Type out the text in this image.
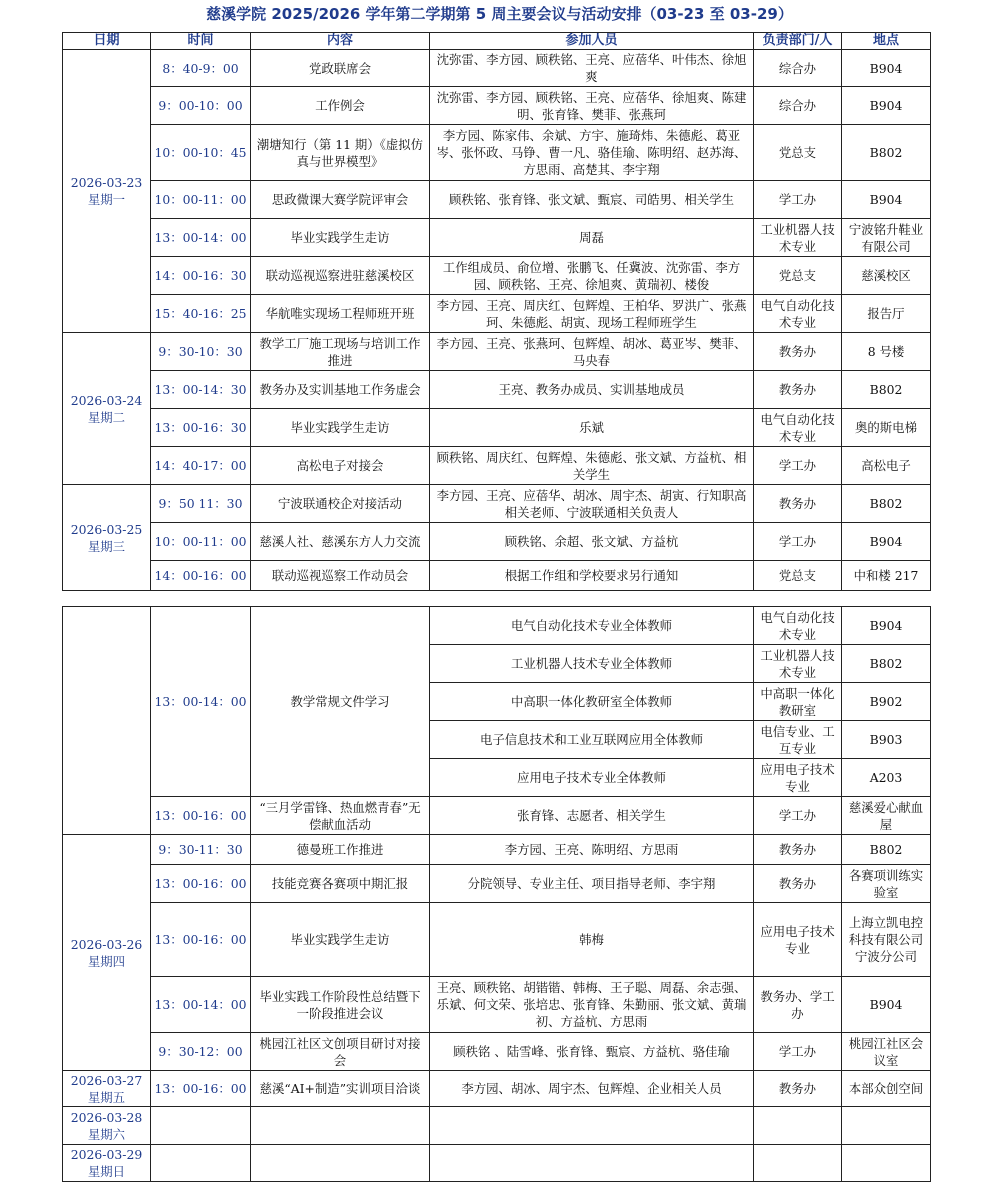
慈溪学院 2025/2026 学年第二学期第 5 周主要会议与活动安排（03-23 至 03-29）
日期	时间	内容	参加人员	负责部门/人	地点
2026-03-23
星期一	8：40-9：00	党政联席会	沈弥雷、李方园、顾秩铭、王亮、应蓓华、叶伟杰、徐旭爽	综合办	B904
	9：00-10：00	工作例会	沈弥雷、李方园、顾秩铭、王亮、应蓓华、徐旭爽、陈建明、张育锋、樊菲、张燕珂	综合办	B904
	10：00-10：45	潮塘知行（第 11 期）《虚拟仿真与世界模型》	李方园、陈家伟、余斌、方宇、施琦炜、朱德彪、葛亚岑、张怀政、马铮、曹一凡、骆佳瑜、陈明绍、赵苏海、方思雨、高楚其、李宇翔	党总支	B802
	10：00-11：00	思政微课大赛学院评审会	顾秩铭、张育锋、张文斌、甄宸、司皓男、相关学生	学工办	B904
	13：00-14：00	毕业实践学生走访	周磊	工业机器人技术专业	宁波铭升鞋业有限公司
	14：00-16：30	联动巡视巡察进驻慈溪校区	工作组成员、俞位增、张鹏飞、任冀波、沈弥雷、李方园、顾秩铭、王亮、徐旭爽、黄瑞初、楼俊	党总支	慈溪校区
	15：40-16：25	华航唯实现场工程师班开班	李方园、王亮、周庆红、包辉煌、王柏华、罗洪广、张燕珂、朱德彪、胡寅、现场工程师班学生	电气自动化技术专业	报告厅
2026-03-24
星期二	9：30-10：30	教学工厂施工现场与培训工作推进	李方园、王亮、张燕珂、包辉煌、胡冰、葛亚岑、樊菲、马央春	教务办	8 号楼
	13：00-14：30	教务办及实训基地工作务虚会	王亮、教务办成员、实训基地成员	教务办	B802
	13：00-16：30	毕业实践学生走访	乐斌	电气自动化技术专业	奥的斯电梯
	14：40-17：00	高松电子对接会	顾秩铭、周庆红、包辉煌、朱德彪、张文斌、方益杭、相关学生	学工办	高松电子
2026-03-25
星期三	9：50 11：30	宁波联通校企对接活动	李方园、王亮、应蓓华、胡冰、周宇杰、胡寅、行知职高相关老师、宁波联通相关负责人	教务办	B802
	10：00-11：00	慈溪人社、慈溪东方人力交流	顾秩铭、余超、张文斌、方益杭	学工办	B904
	14：00-16：00	联动巡视巡察工作动员会	根据工作组和学校要求另行通知	党总支	中和楼 217
	13：00-14：00	教学常规文件学习	电气自动化技术专业全体教师	电气自动化技术专业	B904
			工业机器人技术专业全体教师	工业机器人技术专业	B802
			中高职一体化教研室全体教师	中高职一体化教研室	B902
			电子信息技术和工业互联网应用全体教师	电信专业、工互专业	B903
			应用电子技术专业全体教师	应用电子技术专业	A203
	13：00-16：00	“三月学雷锋、热血燃青春”无偿献血活动	张育锋、志愿者、相关学生	学工办	慈溪爱心献血屋
2026-03-26
星期四	9：30-11：30	德曼班工作推进	李方园、王亮、陈明绍、方思雨	教务办	B802
	13：00-16：00	技能竞赛各赛项中期汇报	分院领导、专业主任、项目指导老师、李宇翔	教务办	各赛项训练实验室
	13：00-16：00	毕业实践学生走访	韩梅	应用电子技术专业	上海立凯电控科技有限公司宁波分公司
	13：00-14：00	毕业实践工作阶段性总结暨下一阶段推进会议	王亮、顾秩铭、胡锴锴、韩梅、王子聪、周磊、余志强、乐斌、何文荣、张培忠、张育锋、朱勤丽、张文斌、黄瑞初、方益杭、方思雨	教务办、学工办	B904
	9：30-12：00	桃园江社区文创项目研讨对接会	顾秩铭 、陆雪峰、张育锋、甄宸、方益杭、骆佳瑜	学工办	桃园江社区会议室
2026-03-27
星期五	13：00-16：00	慈溪“AI+制造”实训项目洽谈	李方园、胡冰、周宇杰、包辉煌、企业相关人员	教务办	本部众创空间
2026-03-28
星期六					
2026-03-29
星期日					
